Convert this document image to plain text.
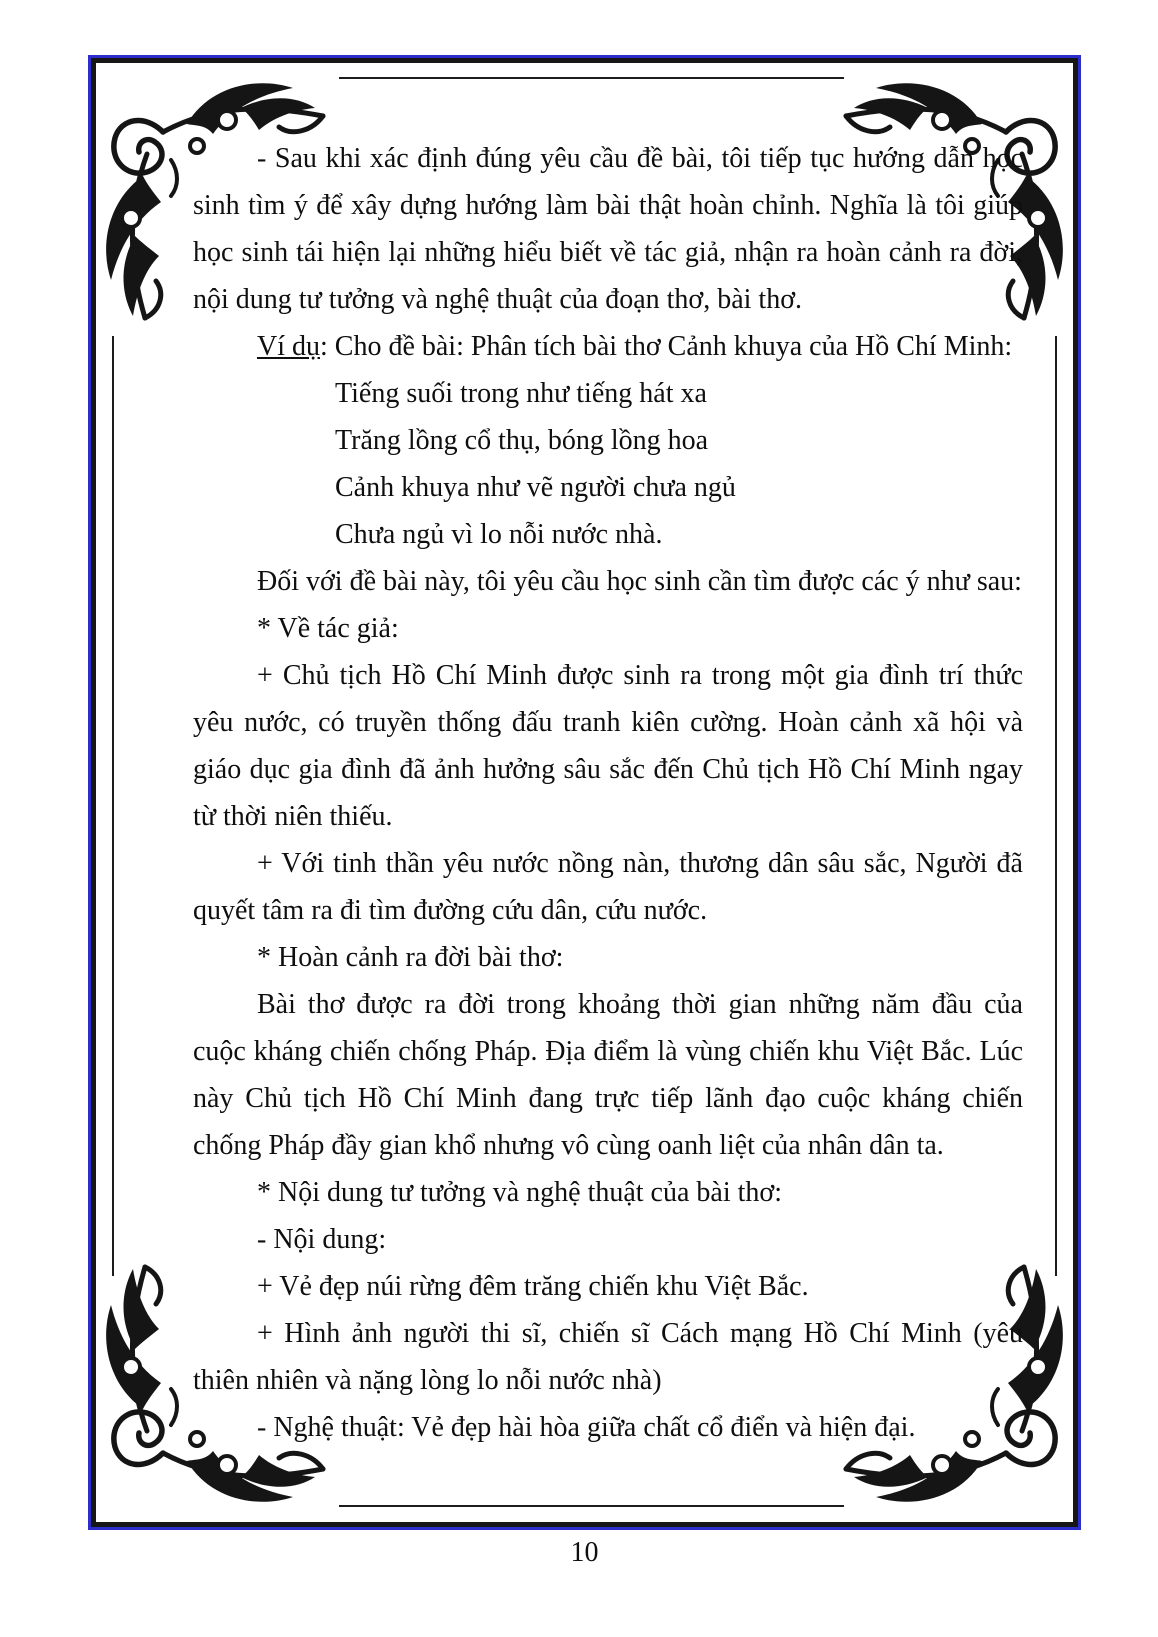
- Sau khi xác định đúng yêu cầu đề bài, tôi tiếp tục hướng dẫn học sinh tìm ý để xây dựng hướng làm bài thật hoàn chỉnh. Nghĩa là tôi giúp học sinh tái hiện lại những hiểu biết về tác giả, nhận ra hoàn cảnh ra đời, nội dung tư tưởng và nghệ thuật của đoạn thơ, bài thơ.

Ví dụ: Cho đề bài: Phân tích bài thơ Cảnh khuya của Hồ Chí Minh:

Tiếng suối trong như tiếng hát xa

Trăng lồng cổ thụ, bóng lồng hoa

Cảnh khuya như vẽ người chưa ngủ

Chưa ngủ vì lo nỗi nước nhà.

Đối với đề bài này, tôi yêu cầu học sinh cần tìm được các ý như sau:

* Về tác giả:

+ Chủ tịch Hồ Chí Minh được sinh ra trong một gia đình trí thức yêu nước, có truyền thống đấu tranh kiên cường. Hoàn cảnh xã hội và giáo dục gia đình đã ảnh hưởng sâu sắc đến Chủ tịch Hồ Chí Minh ngay từ thời niên thiếu.

+ Với tinh thần yêu nước nồng nàn, thương dân sâu sắc, Người đã quyết tâm ra đi tìm đường cứu dân, cứu nước.

* Hoàn cảnh ra đời bài thơ:

Bài thơ được ra đời trong khoảng thời gian những năm đầu của cuộc kháng chiến chống Pháp. Địa điểm là vùng chiến khu Việt Bắc. Lúc này Chủ tịch Hồ Chí Minh đang trực tiếp lãnh đạo cuộc kháng chiến chống Pháp đầy gian khổ nhưng vô cùng oanh liệt của nhân dân ta.

* Nội dung tư tưởng và nghệ thuật của bài thơ:

- Nội dung:

+ Vẻ đẹp núi rừng đêm trăng chiến khu Việt Bắc.

+ Hình ảnh người thi sĩ, chiến sĩ Cách mạng Hồ Chí Minh (yêu thiên nhiên và nặng lòng lo nỗi nước nhà)

- Nghệ thuật: Vẻ đẹp hài hòa giữa chất cổ điển và hiện đại.

10
